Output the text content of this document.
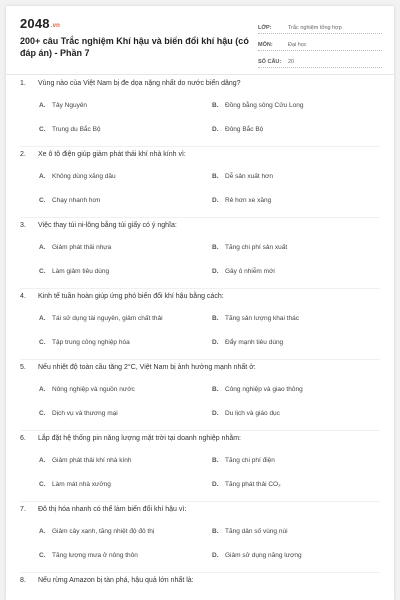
2048.vn
200+ câu Trắc nghiệm Khí hậu và biến đổi khí hậu (có đáp án) - Phần 7
LỚP:	Trắc nghiệm tổng hợp
MÔN:	Đại học
SỐ CÂU:	20
1. Vùng nào của Việt Nam bị đe dọa nặng nhất do nước biển dâng?
A. Tây Nguyên	B. Đồng bằng sông Cửu Long
C. Trung du Bắc Bộ	D. Đông Bắc Bộ
2. Xe ô tô điện giúp giảm phát thải khí nhà kính vì:
A. Không dùng xăng dầu	B. Dễ sản xuất hơn
C. Chạy nhanh hơn	D. Rẻ hơn xe xăng
3. Việc thay túi ni-lông bằng túi giấy có ý nghĩa:
A. Giảm phát thải nhựa	B. Tăng chi phí sản xuất
C. Làm giảm tiêu dùng	D. Gây ô nhiễm mới
4. Kinh tế tuần hoàn giúp ứng phó biến đổi khí hậu bằng cách:
A. Tái sử dụng tài nguyên, giảm chất thải	B. Tăng sản lượng khai thác
C. Tập trung công nghiệp hóa	D. Đẩy mạnh tiêu dùng
5. Nếu nhiệt độ toàn cầu tăng 2°C, Việt Nam bị ảnh hưởng mạnh nhất ở:
A. Nông nghiệp và nguồn nước	B. Công nghiệp và giao thông
C. Dịch vụ và thương mại	D. Du lịch và giáo dục
6. Lắp đặt hệ thống pin năng lượng mặt trời tại doanh nghiệp nhằm:
A. Giảm phát thải khí nhà kính	B. Tăng chi phí điện
C. Làm mát nhà xưởng	D. Tăng phát thải CO₂
7. Đô thị hóa nhanh có thể làm biến đổi khí hậu vì:
A. Giảm cây xanh, tăng nhiệt độ đô thị	B. Tăng dân số vùng núi
C. Tăng lượng mưa ở nông thôn	D. Giảm sử dụng năng lượng
8. Nếu rừng Amazon bị tàn phá, hậu quả lớn nhất là:
